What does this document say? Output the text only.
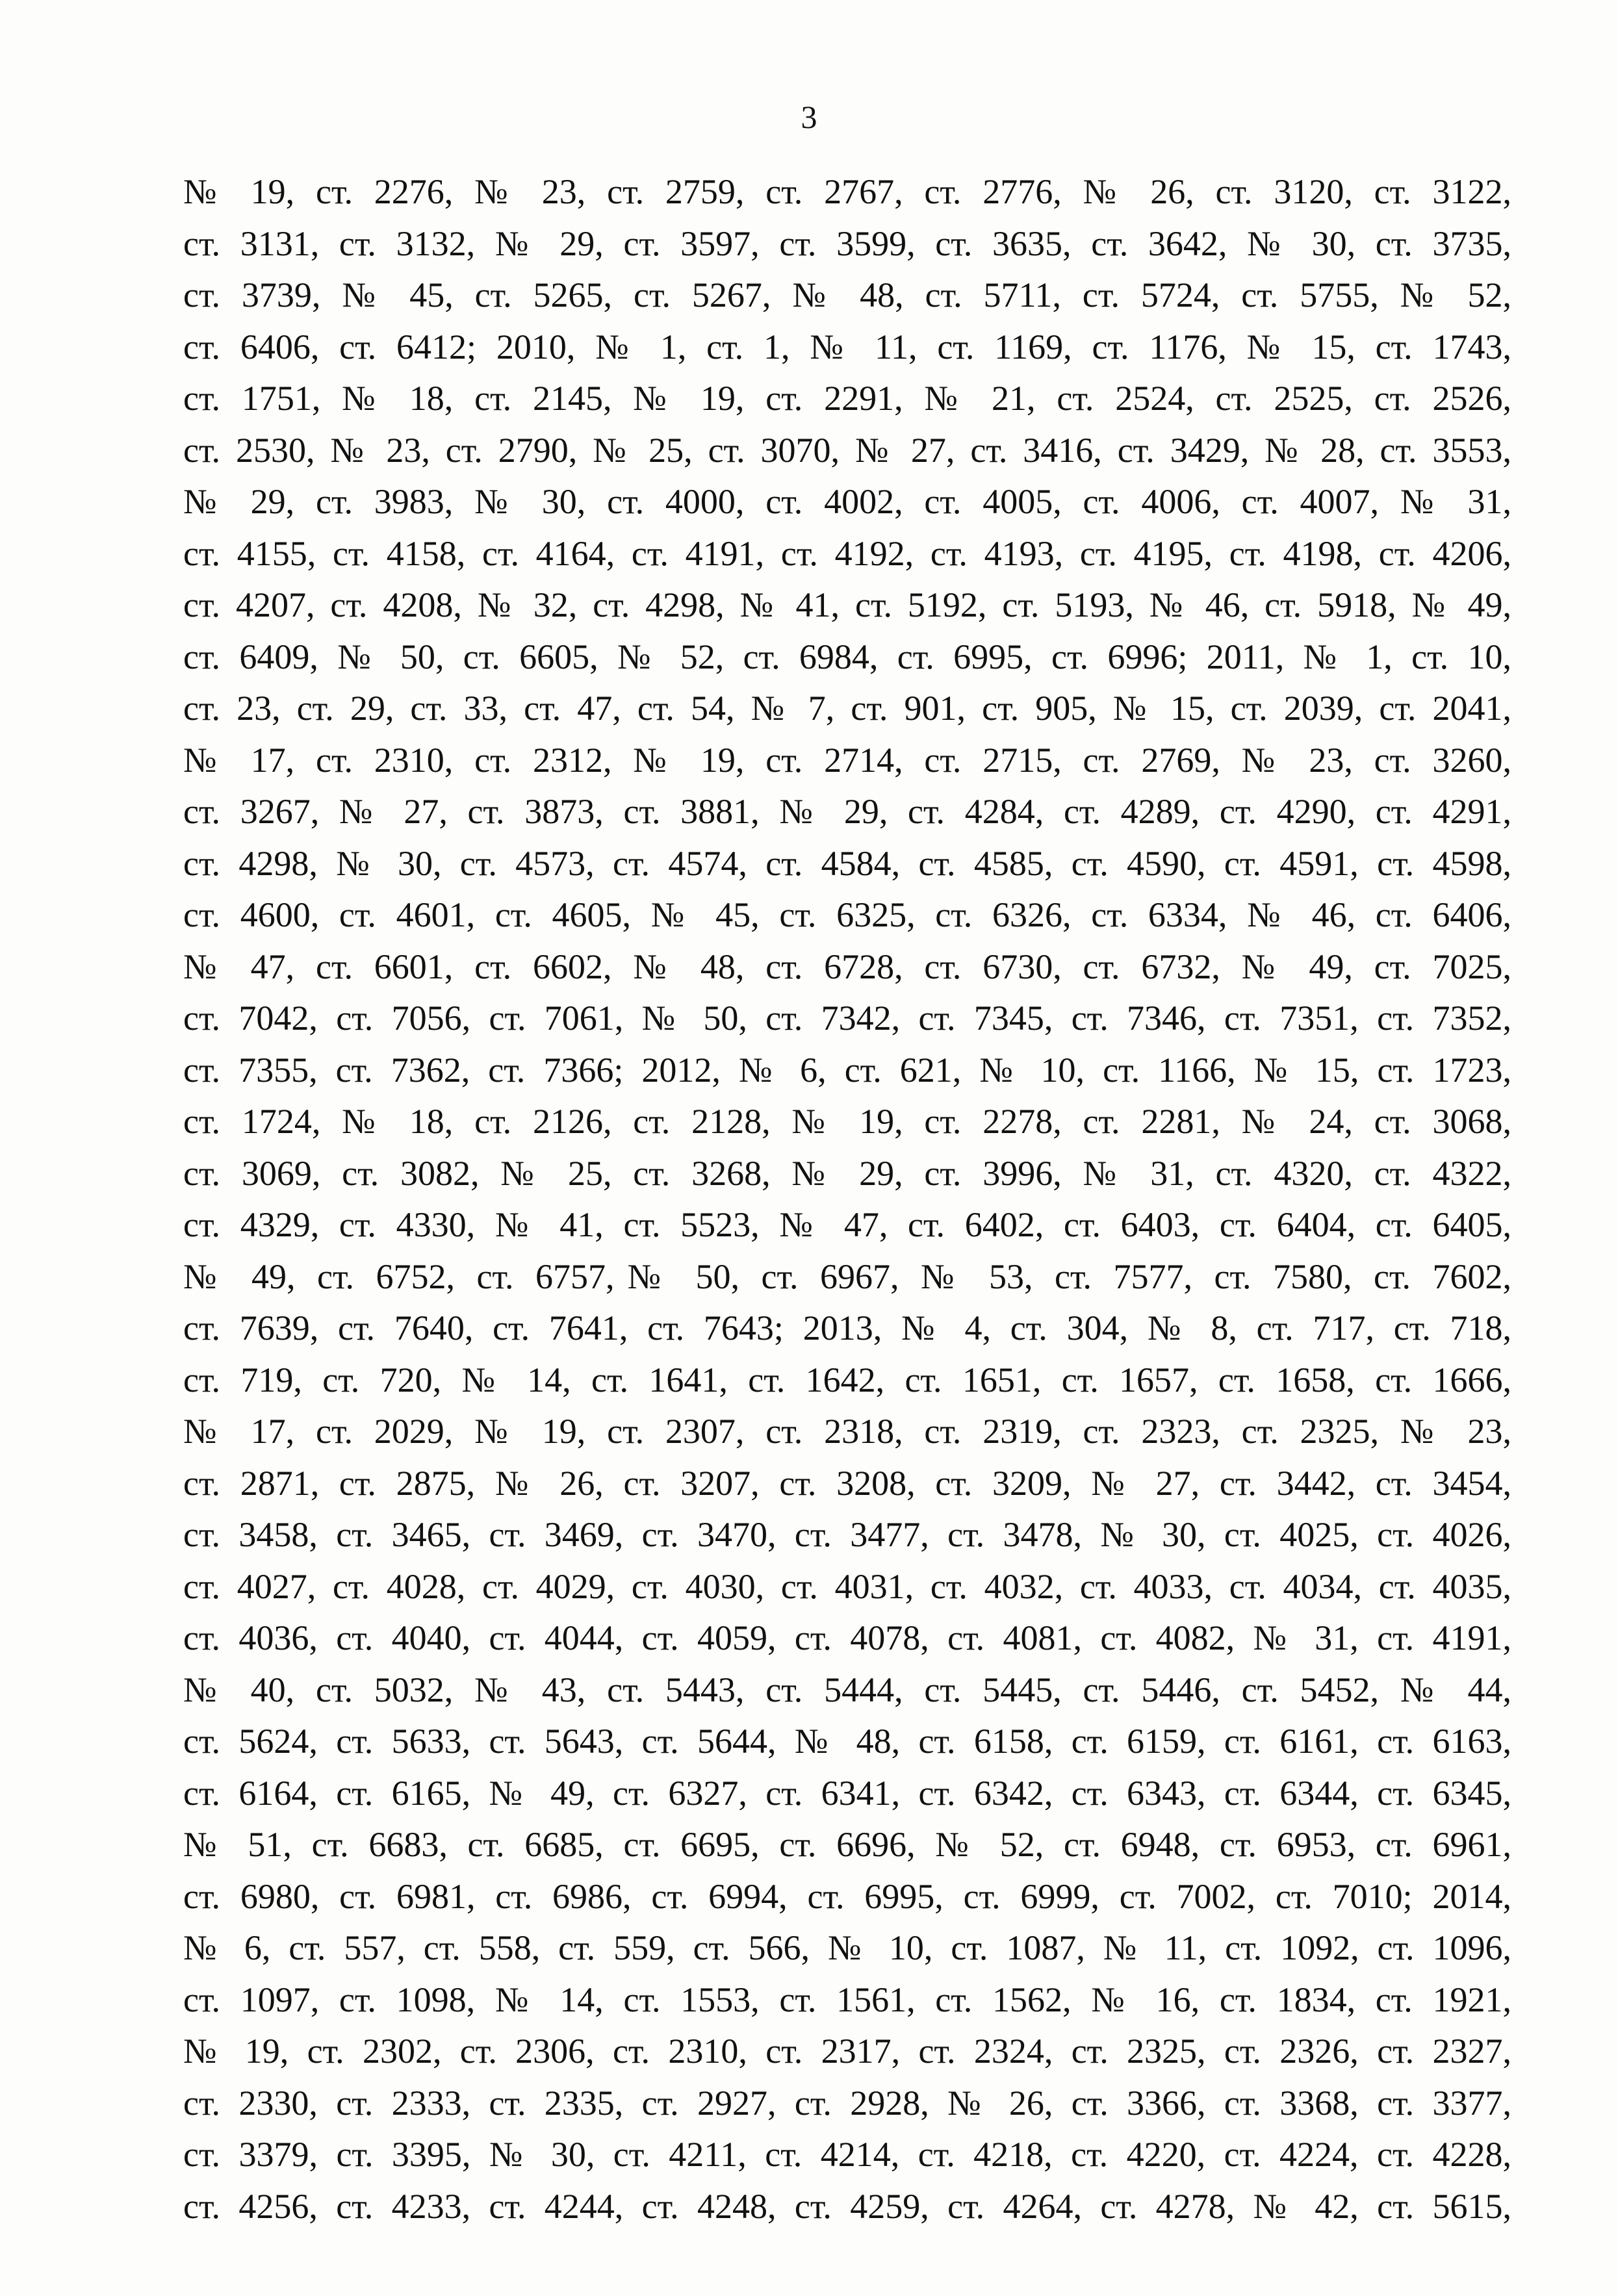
3
№ 19, ст. 2276, № 23, ст. 2759, ст. 2767, ст. 2776, № 26, ст. 3120, ст. 3122,
ст. 3131, ст. 3132, № 29, ст. 3597, ст. 3599, ст. 3635, ст. 3642, № 30, ст. 3735,
ст. 3739, № 45, ст. 5265, ст. 5267, № 48, ст. 5711, ст. 5724, ст. 5755, № 52,
ст. 6406, ст. 6412; 2010, № 1, ст. 1, № 11, ст. 1169, ст. 1176, № 15, ст. 1743,
ст. 1751, № 18, ст. 2145, № 19, ст. 2291, № 21, ст. 2524, ст. 2525, ст. 2526,
ст. 2530, № 23, ст. 2790, № 25, ст. 3070, № 27, ст. 3416, ст. 3429, № 28, ст. 3553,
№ 29, ст. 3983, № 30, ст. 4000, ст. 4002, ст. 4005, ст. 4006, ст. 4007, № 31,
ст. 4155, ст. 4158, ст. 4164, ст. 4191, ст. 4192, ст. 4193, ст. 4195, ст. 4198, ст. 4206,
ст. 4207, ст. 4208, № 32, ст. 4298, № 41, ст. 5192, ст. 5193, № 46, ст. 5918, № 49,
ст. 6409, № 50, ст. 6605, № 52, ст. 6984, ст. 6995, ст. 6996; 2011, № 1, ст. 10,
ст. 23, ст. 29, ст. 33, ст. 47, ст. 54, № 7, ст. 901, ст. 905, № 15, ст. 2039, ст. 2041,
№ 17, ст. 2310, ст. 2312, № 19, ст. 2714, ст. 2715, ст. 2769, № 23, ст. 3260,
ст. 3267, № 27, ст. 3873, ст. 3881, № 29, ст. 4284, ст. 4289, ст. 4290, ст. 4291,
ст. 4298, № 30, ст. 4573, ст. 4574, ст. 4584, ст. 4585, ст. 4590, ст. 4591, ст. 4598,
ст. 4600, ст. 4601, ст. 4605, № 45, ст. 6325, ст. 6326, ст. 6334, № 46, ст. 6406,
№ 47, ст. 6601, ст. 6602, № 48, ст. 6728, ст. 6730, ст. 6732, № 49, ст. 7025,
ст. 7042, ст. 7056, ст. 7061, № 50, ст. 7342, ст. 7345, ст. 7346, ст. 7351, ст. 7352,
ст. 7355, ст. 7362, ст. 7366; 2012, № 6, ст. 621, № 10, ст. 1166, № 15, ст. 1723,
ст. 1724, № 18, ст. 2126, ст. 2128, № 19, ст. 2278, ст. 2281, № 24, ст. 3068,
ст. 3069, ст. 3082, № 25, ст. 3268, № 29, ст. 3996, № 31, ст. 4320, ст. 4322,
ст. 4329, ст. 4330, № 41, ст. 5523, № 47, ст. 6402, ст. 6403, ст. 6404, ст. 6405,
№ 49, ст. 6752, ст. 6757,№ 50, ст. 6967, № 53, ст. 7577, ст. 7580, ст. 7602,
ст. 7639, ст. 7640, ст. 7641, ст. 7643; 2013, № 4, ст. 304, № 8, ст. 717, ст. 718,
ст. 719, ст. 720, № 14, ст. 1641, ст. 1642, ст. 1651, ст. 1657, ст. 1658, ст. 1666,
№ 17, ст. 2029, № 19, ст. 2307, ст. 2318, ст. 2319, ст. 2323, ст. 2325, № 23,
ст. 2871, ст. 2875, № 26, ст. 3207, ст. 3208, ст. 3209, № 27, ст. 3442, ст. 3454,
ст. 3458, ст. 3465, ст. 3469, ст. 3470, ст. 3477, ст. 3478, № 30, ст. 4025, ст. 4026,
ст. 4027, ст. 4028, ст. 4029, ст. 4030, ст. 4031, ст. 4032, ст. 4033, ст. 4034, ст. 4035,
ст. 4036, ст. 4040, ст. 4044, ст. 4059, ст. 4078, ст. 4081, ст. 4082, № 31, ст. 4191,
№ 40, ст. 5032, № 43, ст. 5443, ст. 5444, ст. 5445, ст. 5446, ст. 5452, № 44,
ст. 5624, ст. 5633, ст. 5643, ст. 5644, № 48, ст. 6158, ст. 6159, ст. 6161, ст. 6163,
ст. 6164, ст. 6165, № 49, ст. 6327, ст. 6341, ст. 6342, ст. 6343, ст. 6344, ст. 6345,
№ 51, ст. 6683, ст. 6685, ст. 6695, ст. 6696, № 52, ст. 6948, ст. 6953, ст. 6961,
ст. 6980, ст. 6981, ст. 6986, ст. 6994, ст. 6995, ст. 6999, ст. 7002, ст. 7010; 2014,
№ 6, ст. 557, ст. 558, ст. 559, ст. 566, № 10, ст. 1087, № 11, ст. 1092, ст. 1096,
ст. 1097, ст. 1098, № 14, ст. 1553, ст. 1561, ст. 1562, № 16, ст. 1834, ст. 1921,
№ 19, ст. 2302, ст. 2306, ст. 2310, ст. 2317, ст. 2324, ст. 2325, ст. 2326, ст. 2327,
ст. 2330, ст. 2333, ст. 2335, ст. 2927, ст. 2928, № 26, ст. 3366, ст. 3368, ст. 3377,
ст. 3379, ст. 3395, № 30, ст. 4211, ст. 4214, ст. 4218, ст. 4220, ст. 4224, ст. 4228,
ст. 4256, ст. 4233, ст. 4244, ст. 4248, ст. 4259, ст. 4264, ст. 4278, № 42, ст. 5615,
